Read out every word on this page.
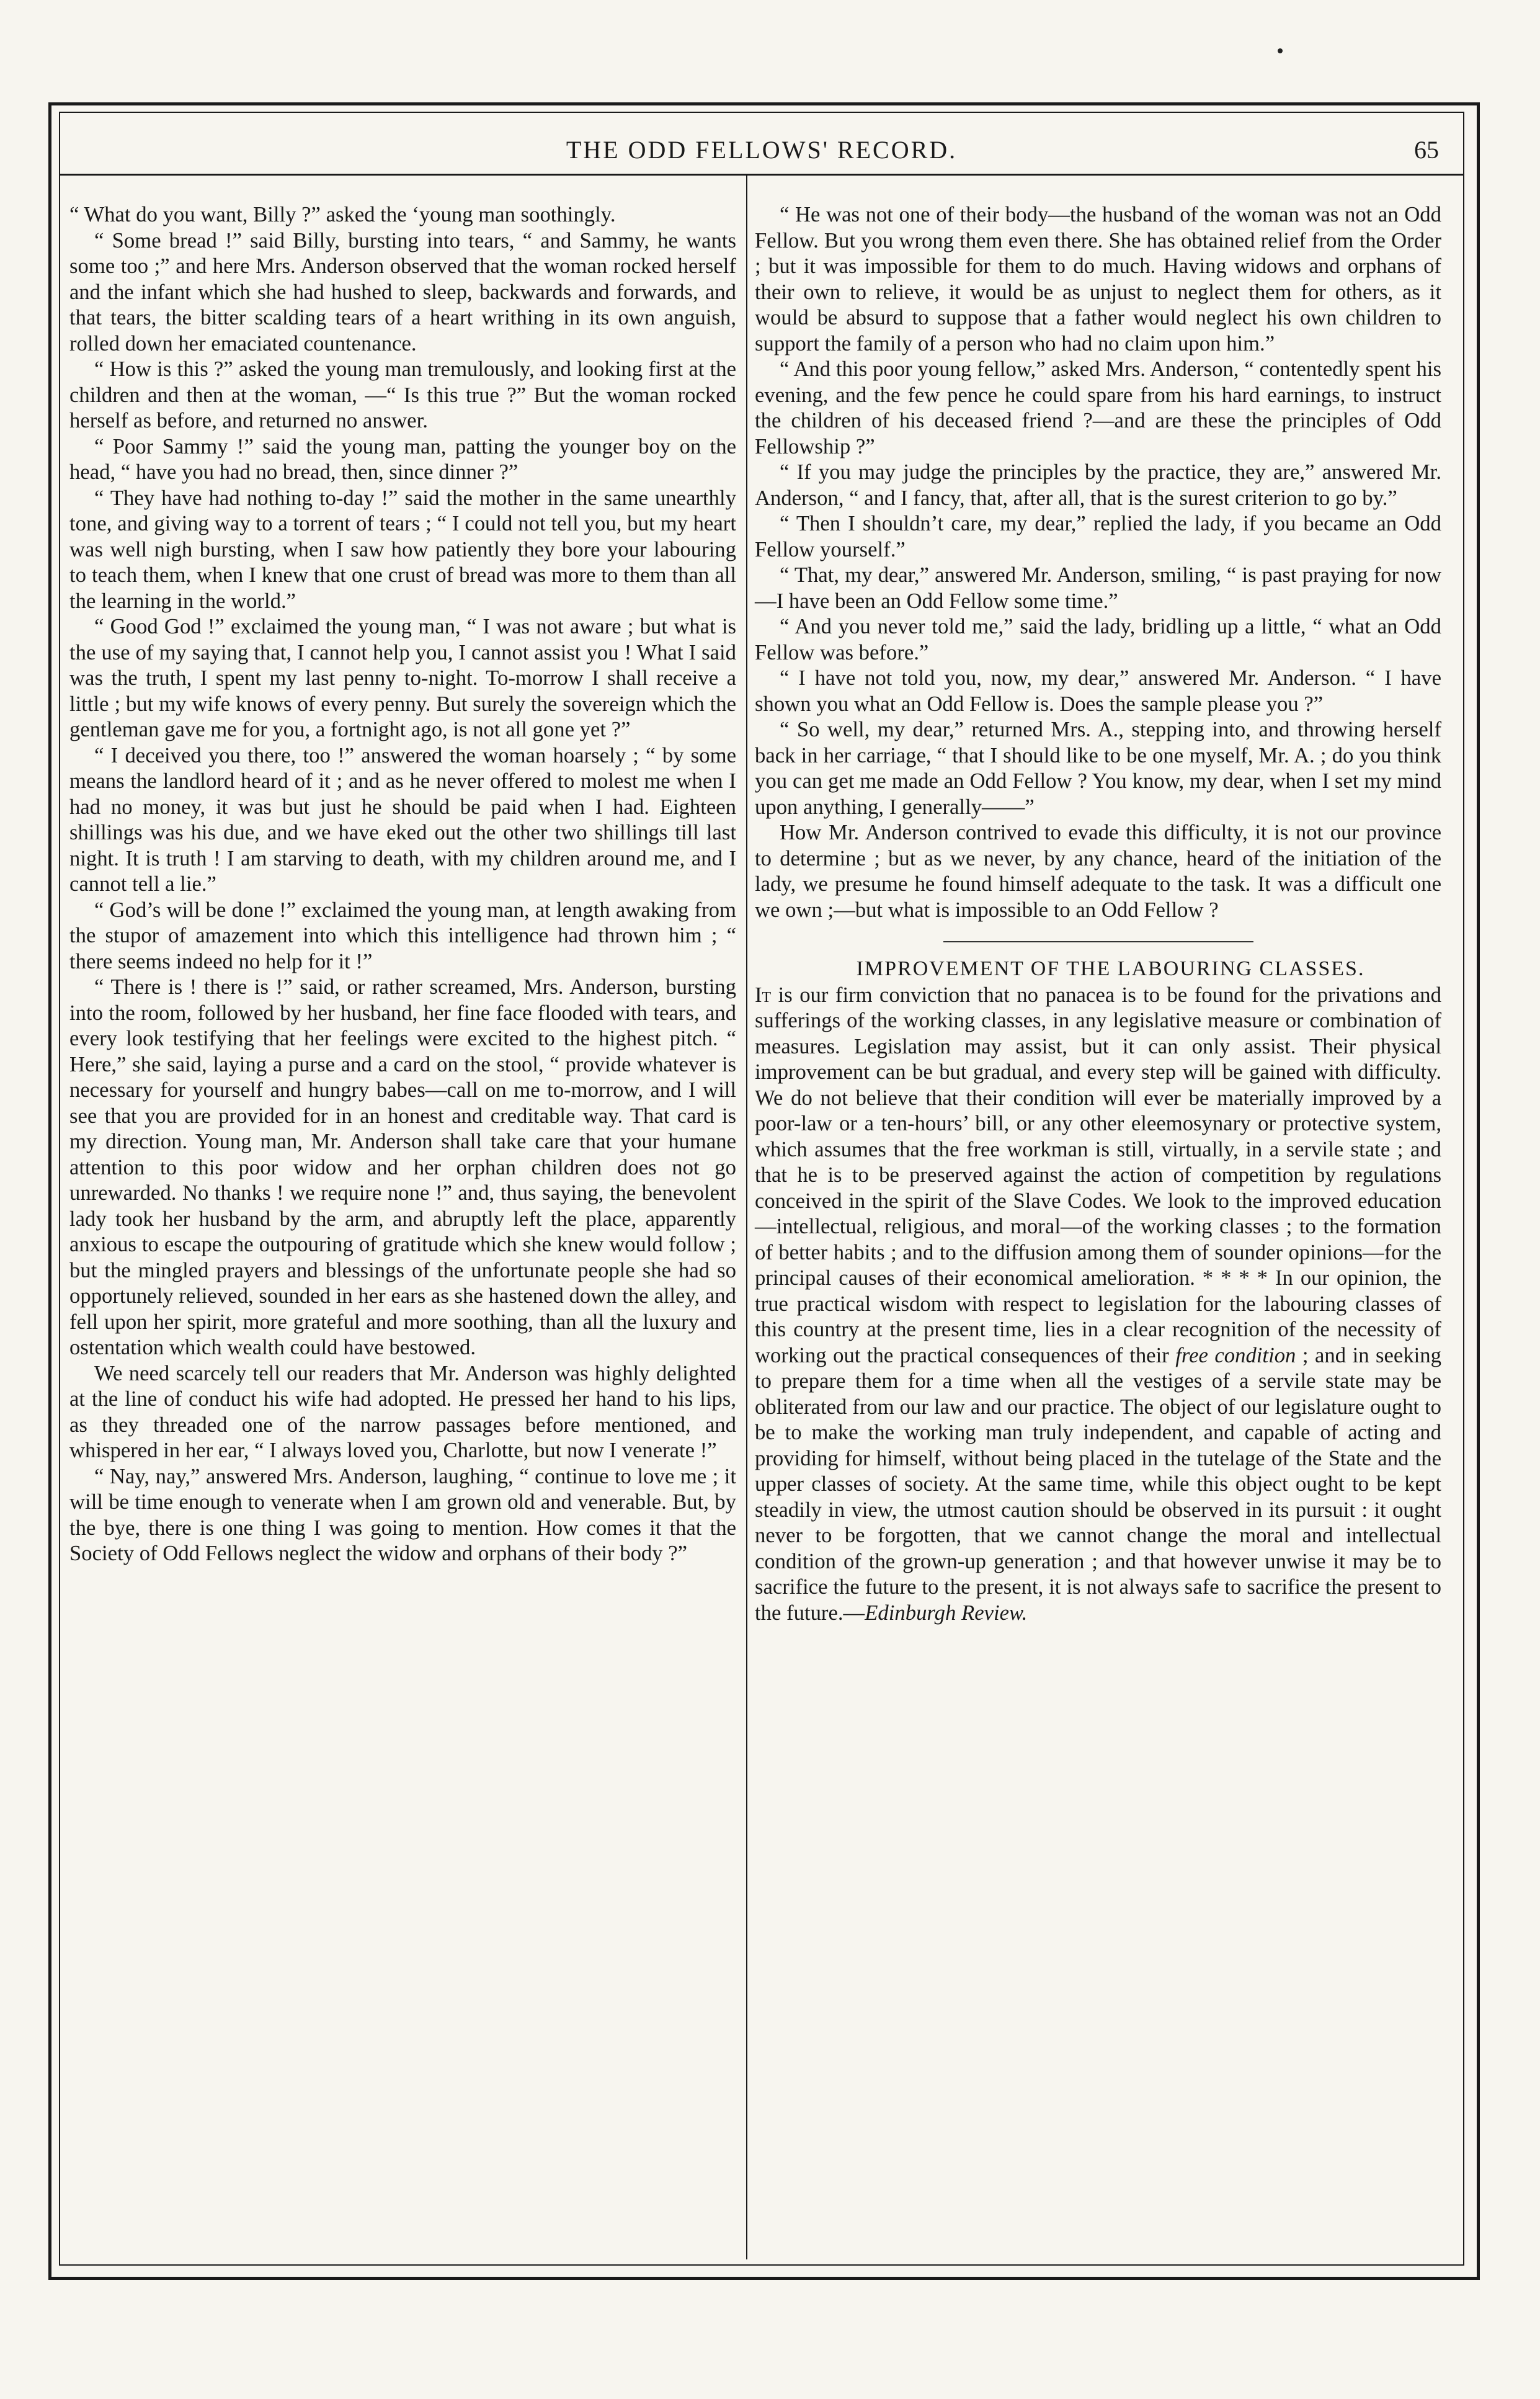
THE ODD FELLOWS' RECORD.	65

“ What do you want, Billy ?” asked the ‘young man soothingly.

“ Some bread !” said Billy, bursting into tears, “ and Sammy, he wants some too ;” and here Mrs. Anderson observed that the woman rocked herself and the infant which she had hushed to sleep, backwards and forwards, and that tears, the bitter scalding tears of a heart writhing in its own anguish, rolled down her emaciated countenance.

“ How is this ?” asked the young man tremulously, and looking first at the children and then at the woman, —“ Is this true ?” But the woman rocked herself as before, and returned no answer.

“ Poor Sammy !” said the young man, patting the younger boy on the head, “ have you had no bread, then, since dinner ?”

“ They have had nothing to-day !” said the mother in the same unearthly tone, and giving way to a torrent of tears ; “ I could not tell you, but my heart was well nigh bursting, when I saw how patiently they bore your labouring to teach them, when I knew that one crust of bread was more to them than all the learning in the world.”

“ Good God !” exclaimed the young man, “ I was not aware ; but what is the use of my saying that, I cannot help you, I cannot assist you ! What I said was the truth, I spent my last penny to-night. To-morrow I shall receive a little ; but my wife knows of every penny. But surely the sovereign which the gentleman gave me for you, a fortnight ago, is not all gone yet ?”

“ I deceived you there, too !” answered the woman hoarsely ; “ by some means the landlord heard of it ; and as he never offered to molest me when I had no money, it was but just he should be paid when I had. Eighteen shillings was his due, and we have eked out the other two shillings till last night. It is truth ! I am starving to death, with my children around me, and I cannot tell a lie.”

“ God’s will be done !” exclaimed the young man, at length awaking from the stupor of amazement into which this intelligence had thrown him ; “ there seems indeed no help for it !”

“ There is ! there is !” said, or rather screamed, Mrs. Anderson, bursting into the room, followed by her husband, her fine face flooded with tears, and every look testifying that her feelings were excited to the highest pitch. “ Here,” she said, laying a purse and a card on the stool, “ provide whatever is necessary for yourself and hungry babes—call on me to-morrow, and I will see that you are provided for in an honest and creditable way. That card is my direction. Young man, Mr. Anderson shall take care that your humane attention to this poor widow and her orphan children does not go unrewarded. No thanks ! we require none !” and, thus saying, the benevolent lady took her husband by the arm, and abruptly left the place, apparently anxious to escape the outpouring of gratitude which she knew would follow ; but the mingled prayers and blessings of the unfortunate people she had so opportunely relieved, sounded in her ears as she hastened down the alley, and fell upon her spirit, more grateful and more soothing, than all the luxury and ostentation which wealth could have bestowed.

We need scarcely tell our readers that Mr. Anderson was highly delighted at the line of conduct his wife had adopted. He pressed her hand to his lips, as they threaded one of the narrow passages before mentioned, and whispered in her ear, “ I always loved you, Charlotte, but now I venerate !”

“ Nay, nay,” answered Mrs. Anderson, laughing, “ continue to love me ; it will be time enough to venerate when I am grown old and venerable. But, by the bye, there is one thing I was going to mention. How comes it that the Society of Odd Fellows neglect the widow and orphans of their body ?”

“ He was not one of their body—the husband of the woman was not an Odd Fellow. But you wrong them even there. She has obtained relief from the Order ; but it was impossible for them to do much. Having widows and orphans of their own to relieve, it would be as unjust to neglect them for others, as it would be absurd to suppose that a father would neglect his own children to support the family of a person who had no claim upon him.”

“ And this poor young fellow,” asked Mrs. Anderson, “ contentedly spent his evening, and the few pence he could spare from his hard earnings, to instruct the children of his deceased friend ?—and are these the principles of Odd Fellowship ?”

“ If you may judge the principles by the practice, they are,” answered Mr. Anderson, “ and I fancy, that, after all, that is the surest criterion to go by.”

“ Then I shouldn’t care, my dear,” replied the lady, if you became an Odd Fellow yourself.”

“ That, my dear,” answered Mr. Anderson, smiling, “ is past praying for now—I have been an Odd Fellow some time.”

“ And you never told me,” said the lady, bridling up a little, “ what an Odd Fellow was before.”

“ I have not told you, now, my dear,” answered Mr. Anderson. “ I have shown you what an Odd Fellow is. Does the sample please you ?”

“ So well, my dear,” returned Mrs. A., stepping into, and throwing herself back in her carriage, “ that I should like to be one myself, Mr. A. ; do you think you can get me made an Odd Fellow ? You know, my dear, when I set my mind upon anything, I generally——”

How Mr. Anderson contrived to evade this difficulty, it is not our province to determine ; but as we never, by any chance, heard of the initiation of the lady, we presume he found himself adequate to the task. It was a difficult one we own ;—but what is impossible to an Odd Fellow ?

IMPROVEMENT OF THE LABOURING CLASSES.

It is our firm conviction that no panacea is to be found for the privations and sufferings of the working classes, in any legislative measure or combination of measures. Legislation may assist, but it can only assist. Their physical improvement can be but gradual, and every step will be gained with difficulty. We do not believe that their condition will ever be materially improved by a poor-law or a ten-hours’ bill, or any other eleemosynary or protective system, which assumes that the free workman is still, virtually, in a servile state ; and that he is to be preserved against the action of competition by regulations conceived in the spirit of the Slave Codes. We look to the improved education—intellectual, religious, and moral—of the working classes ; to the formation of better habits ; and to the diffusion among them of sounder opinions—for the principal causes of their economical amelioration. * * * * In our opinion, the true practical wisdom with respect to legislation for the labouring classes of this country at the present time, lies in a clear recognition of the necessity of working out the practical consequences of their free condition ; and in seeking to prepare them for a time when all the vestiges of a servile state may be obliterated from our law and our practice. The object of our legislature ought to be to make the working man truly independent, and capable of acting and providing for himself, without being placed in the tutelage of the State and the upper classes of society. At the same time, while this object ought to be kept steadily in view, the utmost caution should be observed in its pursuit : it ought never to be forgotten, that we cannot change the moral and intellectual condition of the grown-up generation ; and that however unwise it may be to sacrifice the future to the present, it is not always safe to sacrifice the present to the future.—Edinburgh Review.
